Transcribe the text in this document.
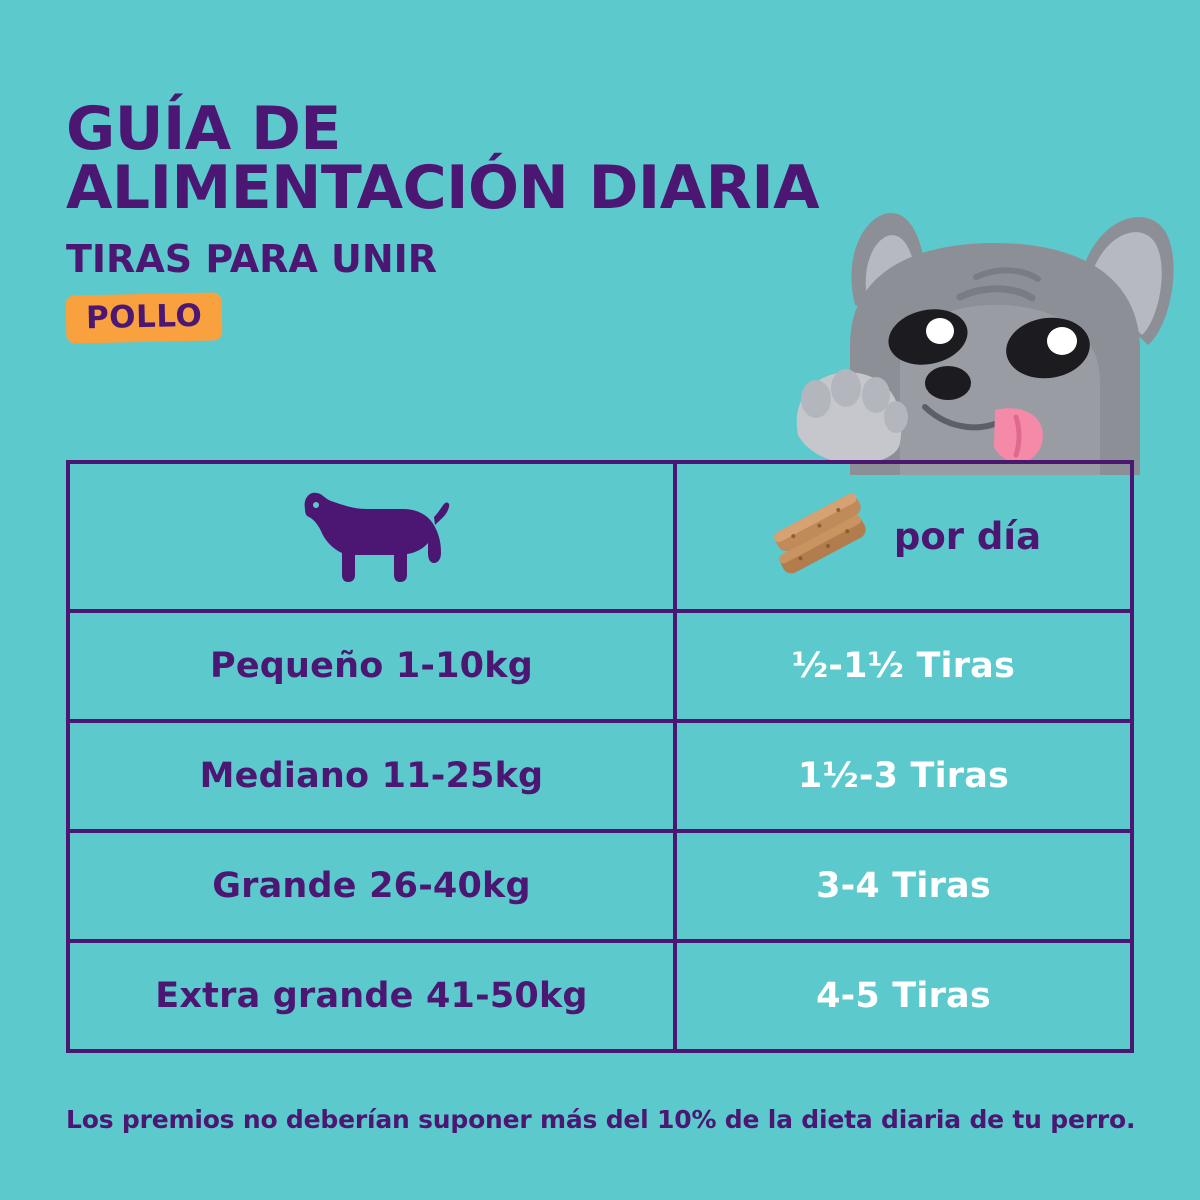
GUÍA DE ALIMENTACIÓN DIARIA
TIRAS PARA UNIR
POLLO

por día

Pequeño 1-10kg	½-1½ Tiras
Mediano 11-25kg	1½-3 Tiras
Grande 26-40kg	3-4 Tiras
Extra grande 41-50kg	4-5 Tiras
Los premios no deberían suponer más del 10% de la dieta diaria de tu perro.
